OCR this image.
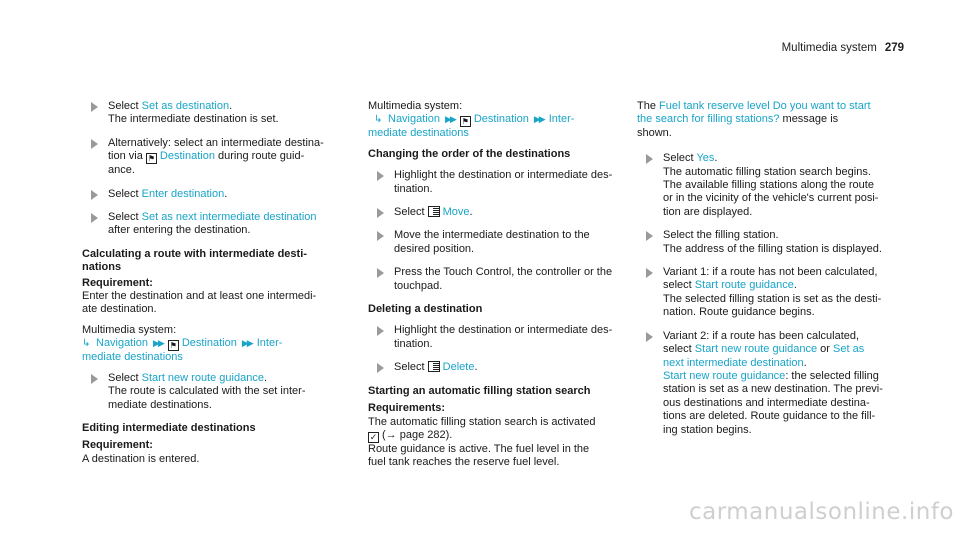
Multimedia system 279
Select Set as destination.
The intermediate destination is set.
Alternatively: select an intermediate destina-
tion via ⚑ Destination during route guid-
ance.
Select Enter destination.
Select Set as next intermediate destination
after entering the destination.
Calculating a route with intermediate desti-
nations
Requirement:
Enter the destination and at least one intermedi-
ate destination.
Multimedia system:
↳ Navigation ▶▶ ⚑ Destination ▶▶ Inter-
mediate destinations
Select Start new route guidance.
The route is calculated with the set inter-
mediate destinations.
Editing intermediate destinations
Requirement:
A destination is entered.
Multimedia system:
↳ Navigation ▶▶ ⚑ Destination ▶▶ Inter-
mediate destinations
Changing the order of the destinations
Highlight the destination or intermediate des-
tination.
Select Move.
Move the intermediate destination to the
desired position.
Press the Touch Control, the controller or the
touchpad.
Deleting a destination
Highlight the destination or intermediate des-
tination.
Select Delete.
Starting an automatic filling station search
Requirements:
The automatic filling station search is activated
✓ (→ page 282).
Route guidance is active. The fuel level in the
fuel tank reaches the reserve fuel level.
The Fuel tank reserve level Do you want to start
the search for filling stations? message is
shown.
Select Yes.
The automatic filling station search begins.
The available filling stations along the route
or in the vicinity of the vehicle's current posi-
tion are displayed.
Select the filling station.
The address of the filling station is displayed.
Variant 1: if a route has not been calculated,
select Start route guidance.
The selected filling station is set as the desti-
nation. Route guidance begins.
Variant 2: if a route has been calculated,
select Start new route guidance or Set as
next intermediate destination.
Start new route guidance: the selected filling
station is set as a new destination. The previ-
ous destinations and intermediate destina-
tions are deleted. Route guidance to the fill-
ing station begins.
carmanualsonline.info
